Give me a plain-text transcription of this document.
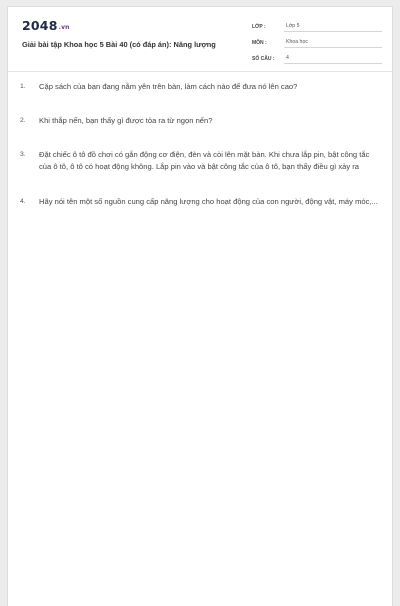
2048.vn
Giải bài tập Khoa học 5 Bài 40 (có đáp án): Năng lượng
LỚP :	Lớp 5
MÔN :	Khoa học
SỐ CÂU :	4
1.	Cặp sách của bạn đang nằm yên trên bàn, làm cách nào để đưa nó lên cao?
2.	Khi thắp nến, bạn thấy gì được tỏa ra từ ngọn nến?
3.	Đặt chiếc ô tô đồ chơi có gắn động cơ điện, đèn và còi lên mặt bàn. Khi chưa lắp pin, bật công tắc của ô tô, ô tô có hoạt động không. Lắp pin vào và bật công tắc của ô tô, bạn thấy điều gì xảy ra
4.	Hãy nói tên một số nguồn cung cấp năng lượng cho hoạt động của con người, động vật, máy móc,...
